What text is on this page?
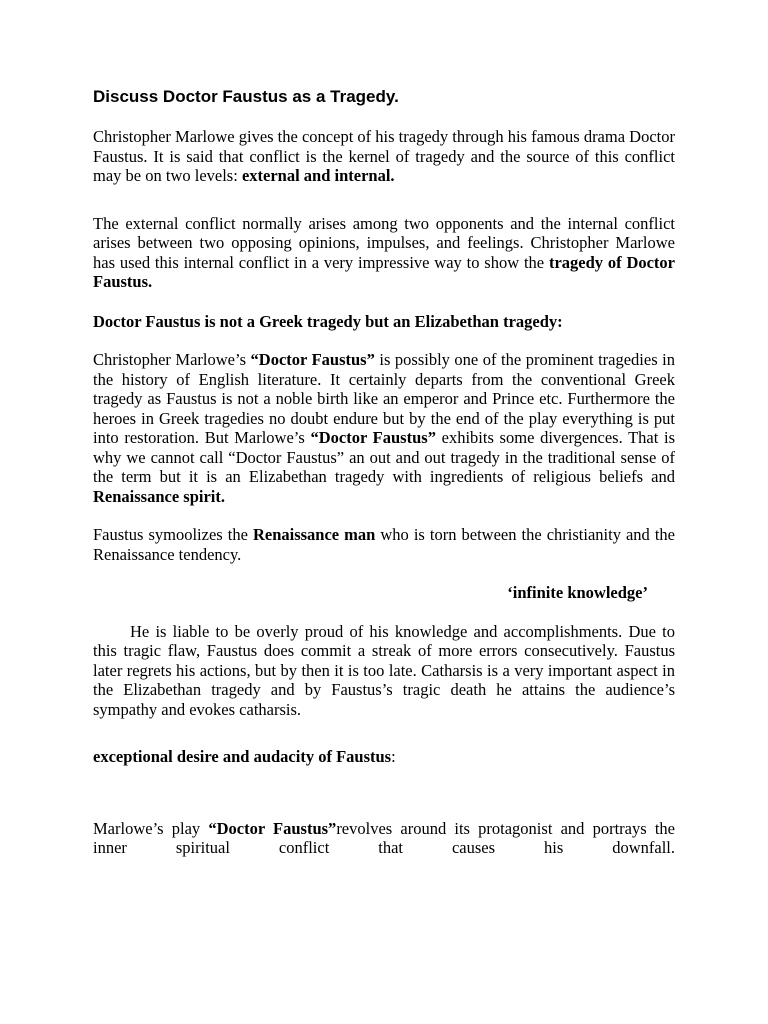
Discuss Doctor Faustus as a Tragedy.

Christopher Marlowe gives the concept of his tragedy through his famous drama Doctor Faustus. It is said that conflict is the kernel of tragedy and the source of this conflict may be on two levels: external and internal.

The external conflict normally arises among two opponents and the internal conflict arises between two opposing opinions, impulses, and feelings. Christopher Marlowe has used this internal conflict in a very impressive way to show the tragedy of Doctor Faustus.

Doctor Faustus is not a Greek tragedy but an Elizabethan tragedy:

Christopher Marlowe’s “Doctor Faustus” is possibly one of the prominent tragedies in the history of English literature. It certainly departs from the conventional Greek tragedy as Faustus is not a noble birth like an emperor and Prince etc. Furthermore the heroes in Greek tragedies no doubt endure but by the end of the play everything is put into restoration. But Marlowe’s “Doctor Faustus” exhibits some divergences. That is why we cannot call “Doctor Faustus” an out and out tragedy in the traditional sense of the term but it is an Elizabethan tragedy with ingredients of religious beliefs and Renaissance spirit.

Faustus symoolizes the Renaissance man who is torn between the christianity and the Renaissance tendency.

‘infinite knowledge’

He is liable to be overly proud of his knowledge and accomplishments. Due to this tragic flaw, Faustus does commit a streak of more errors consecutively. Faustus later regrets his actions, but by then it is too late. Catharsis is a very important aspect in the Elizabethan tragedy and by Faustus’s tragic death he attains the audience’s sympathy and evokes catharsis.

exceptional desire and audacity of Faustus:

Marlowe’s play “Doctor Faustus”revolves around its protagonist and portrays the inner spiritual conflict that causes his downfall.
